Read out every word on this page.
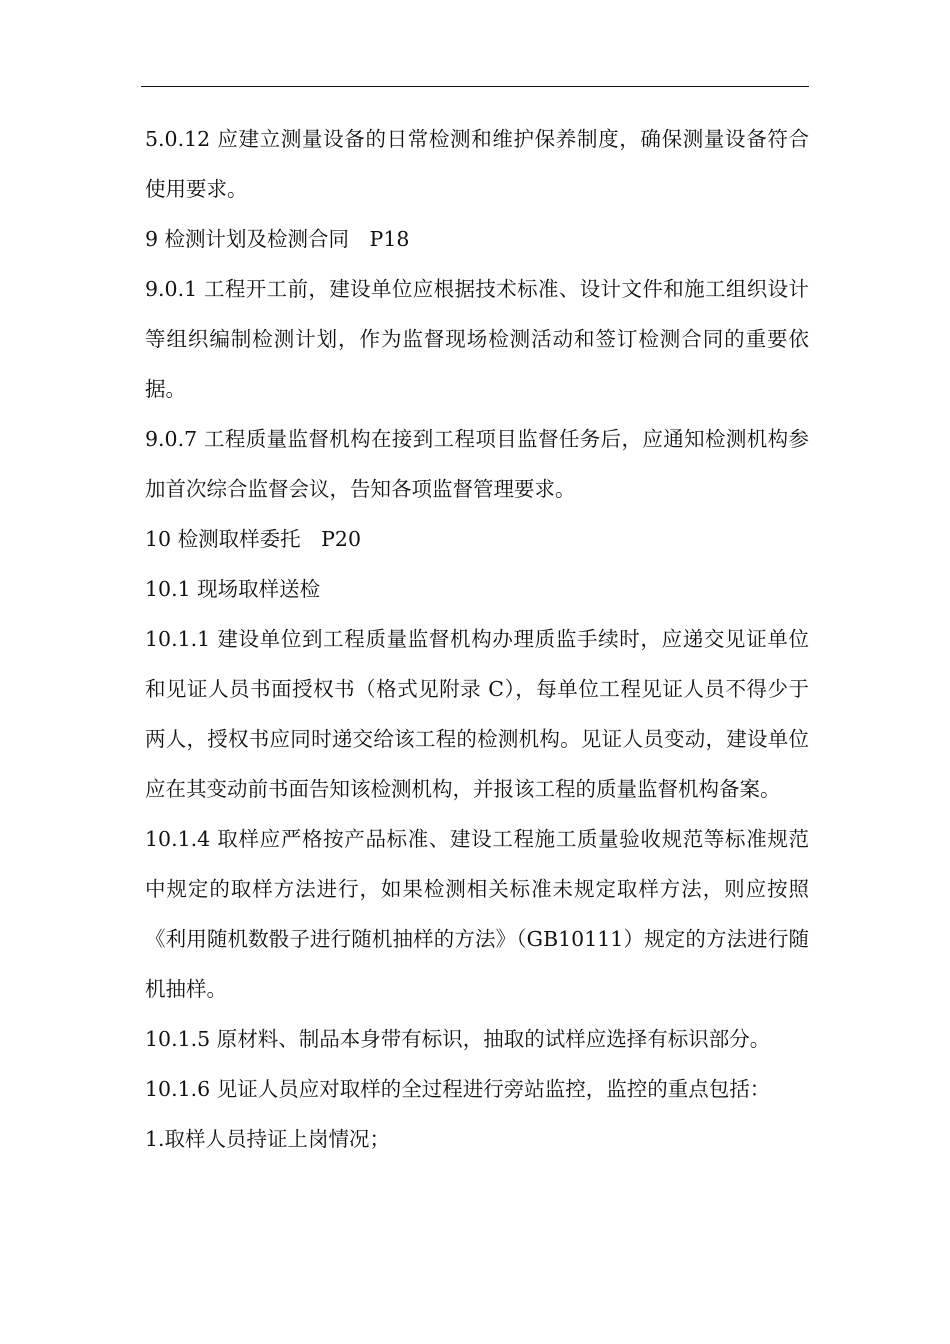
5.0.12 应建立测量设备的日常检测和维护保养制度，确保测量设备符合使用要求。

9 检测计划及检测合同　P18

9.0.1 工程开工前，建设单位应根据技术标准、设计文件和施工组织设计等组织编制检测计划，作为监督现场检测活动和签订检测合同的重要依据。

9.0.7 工程质量监督机构在接到工程项目监督任务后，应通知检测机构参加首次综合监督会议，告知各项监督管理要求。

10 检测取样委托　P20

10.1 现场取样送检

10.1.1 建设单位到工程质量监督机构办理质监手续时，应递交见证单位 和见证人员书面授权书（格式见附录 C），每单位工程见证人员不得少于两人，授权书应同时递交给该工程的检测机构。见证人员变动，建设单位应在其变动前书面告知该检测机构，并报该工程的质量监督机构备案。

10.1.4 取样应严格按产品标准、建设工程施工质量验收规范等标准规范中规定的取样方法进行，如果检测相关标准未规定取样方法，则应按照《利用随机数骰子进行随机抽样的方法》（GB10111）规定的方法进行随机抽样。

10.1.5 原材料、制品本身带有标识，抽取的试样应选择有标识部分。

10.1.6 见证人员应对取样的全过程进行旁站监控，监控的重点包括：

1.取样人员持证上岗情况；
